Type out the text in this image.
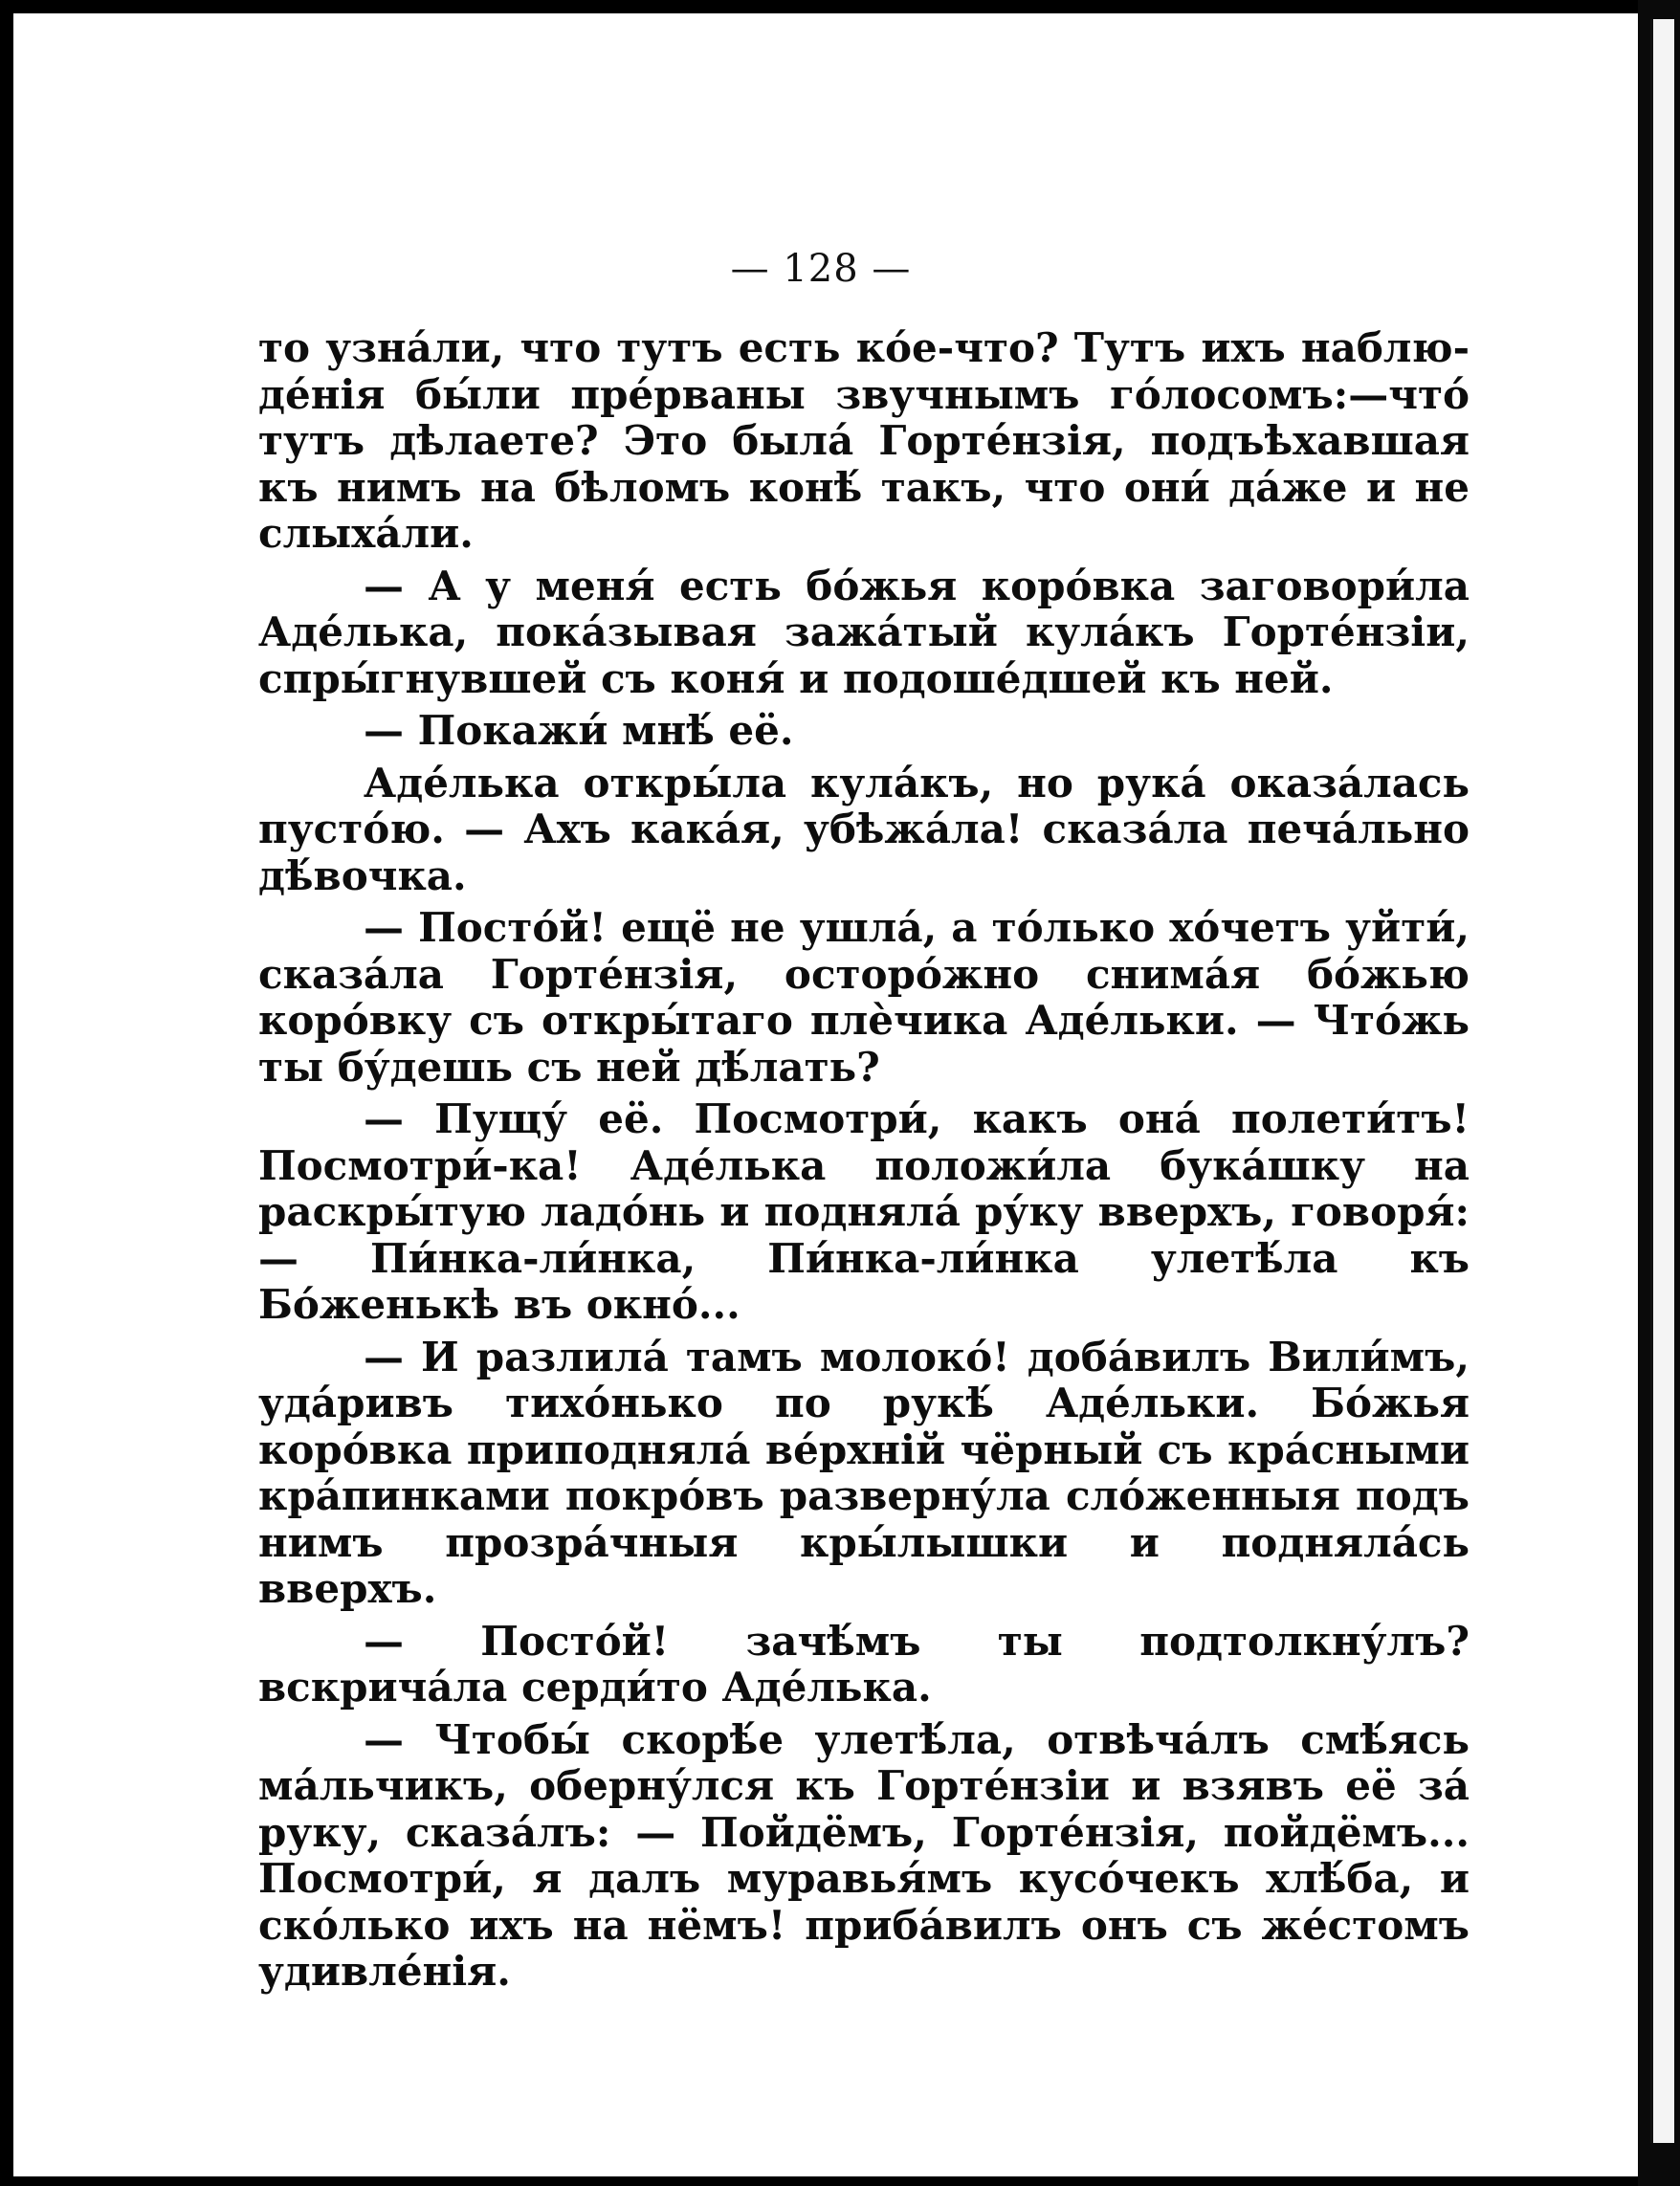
— 128 —

то узна́ли, что тутъ есть ко́е-что? Тутъ ихъ наблю-де́нія бы́ли пре́рваны звучнымъ го́лосомъ:—что́ тутъ дѣлаете? Это была́ Горте́нзія, подъѣхавшая къ нимъ на бѣломъ конѣ́ такъ, что они́ да́же и не слыха́ли.

— А у меня́ есть бо́жья коро́вка заговори́ла Аде́лька, пока́зывая зажа́тый кула́къ Горте́нзіи, спры́гнувшей съ коня́ и подоше́дшей къ ней.

— Покажи́ мнѣ́ её.

Аде́лька откры́ла кула́къ, но рука́ оказа́лась пусто́ю. — Ахъ кака́я, убѣжа́ла! сказа́ла печа́льно дѣ́вочка.

— Посто́й! ещё не ушла́, а то́лько хо́четъ уйти́, сказа́ла Горте́нзія, осторо́жно снима́я бо́жью коро́вку съ откры́таго плѐчика Аде́льки. — Что́жь ты бу́дешь съ ней дѣ́лать?

— Пущу́ её. Посмотри́, какъ она́ полети́тъ! Посмотри́-ка! Аде́лька положи́ла бука́шку на раскры́тую ладо́нь и подняла́ ру́ку вверхъ, говоря́: — Пи́нка-ли́нка, Пи́нка-ли́нка улетѣ́ла къ Бо́женькѣ въ окно́...

— И разлила́ тамъ молоко́! доба́вилъ Вили́мъ, уда́ривъ тихо́нько по рукѣ́ Аде́льки. Бо́жья коро́вка приподняла́ ве́рхній чёрный съ кра́сными кра́пинками покро́въ разверну́ла сло́женныя подъ нимъ прозра́чныя кры́лышки и поднялáсь вверхъ.

— Посто́й! зачѣ́мъ ты подтолкну́лъ? вскрича́ла серди́то Аде́лька.

— Чтобы́ скорѣ́е улетѣ́ла, отвѣча́лъ смѣ́ясь ма́льчикъ, оберну́лся къ Горте́нзіи и взявъ её за́ руку, сказа́лъ: — Пойдёмъ, Горте́нзія, пойдёмъ... Посмотри́, я далъ муравья́мъ кусо́чекъ хлѣ́ба, и ско́лько ихъ на нёмъ! приба́вилъ онъ съ же́стомъ удивле́нія.
